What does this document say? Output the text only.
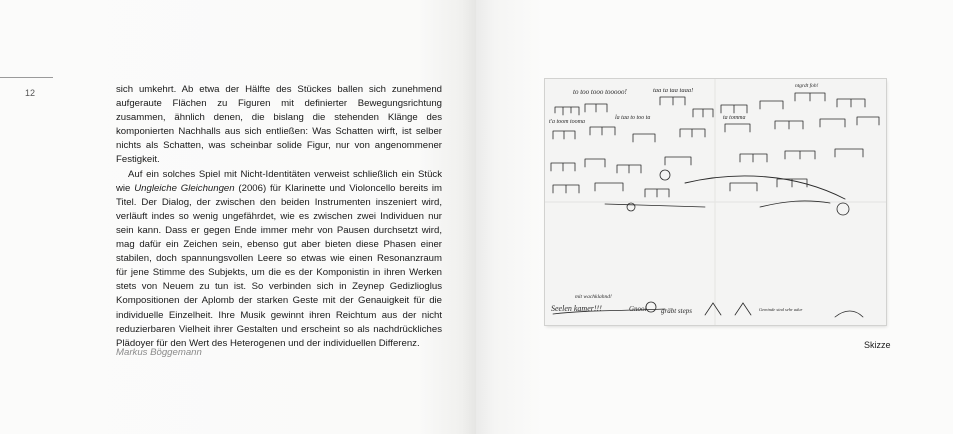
12	sich umkehrt. Ab etwa der Hälfte des Stückes ballen sich zunehmend aufgeraute Flächen zu Figuren mit definierter Bewegungsrichtung zusammen, ähnlich denen, die bislang die stehenden Klänge des komponierten Nachhalls aus sich entließen: Was Schatten wirft, ist selber nichts als Schatten, was scheinbar solide Figur, nur von angenommener Festigkeit.

Auf ein solches Spiel mit Nicht-Identitäten verweist schließlich ein Stück wie Ungleiche Gleichungen (2006) für Klarinette und Violoncello bereits im Titel. Der Dialog, der zwischen den beiden Instrumenten inszeniert wird, verläuft indes so wenig ungefährdet, wie es zwischen zwei Individuen nur sein kann. Dass er gegen Ende immer mehr von Pausen durchsetzt wird, mag dafür ein Zeichen sein, ebenso gut aber bieten diese Phasen einer stabilen, doch spannungsvollen Leere so etwas wie einen Resonanzraum für jene Stimme des Subjekts, um die es der Komponistin in ihren Werken stets von Neuem zu tun ist. So verbinden sich in Zeynep Gedizlioglus Kompositionen der Aplomb der starken Geste mit der Genauigkeit für die individuelle Einzelheit. Ihre Musik gewinnt ihren Reichtum aus der nicht reduzierbaren Vielheit ihrer Gestalten und erscheint so als nachdrückliches Plädoyer für den Wert des Heterogenen und der individuellen Differenz.

Markus Böggemann
to too tooo tooooo!	taa ta taa taaa!
t'a toom tooma
la taa to too ta	ta tomma
ntgrdt foh!
mit wachklahnd!
Seelen kamer!!!	Gnool gräbt steps	Geminde sind sehr adur
Skizze
